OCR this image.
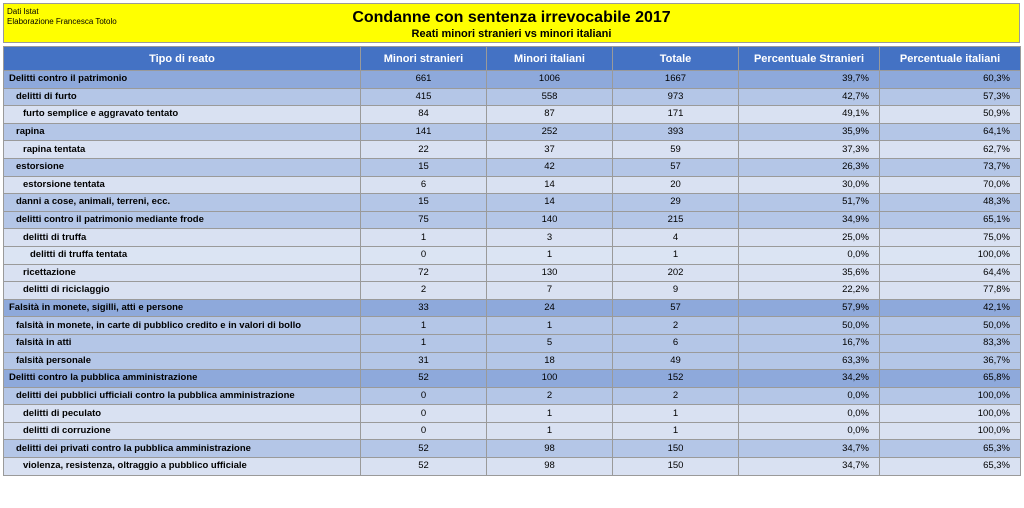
Dati Istat
Elaborazione Francesca Totolo	Condanne con sentenza irrevocabile 2017
Reati minori stranieri vs minori italiani
Tipo di reato	Minori stranieri	Minori italiani	Totale	Percentuale Stranieri	Percentuale italiani
Delitti contro il patrimonio	661	1006	1667	39,7%	60,3%
delitti di furto	415	558	973	42,7%	57,3%
furto semplice e aggravato tentato	84	87	171	49,1%	50,9%
rapina	141	252	393	35,9%	64,1%
rapina tentata	22	37	59	37,3%	62,7%
estorsione	15	42	57	26,3%	73,7%
estorsione tentata	6	14	20	30,0%	70,0%
danni a cose, animali, terreni, ecc.	15	14	29	51,7%	48,3%
delitti contro il patrimonio mediante frode	75	140	215	34,9%	65,1%
delitti di truffa	1	3	4	25,0%	75,0%
delitti di truffa tentata	0	1	1	0,0%	100,0%
ricettazione	72	130	202	35,6%	64,4%
delitti di riciclaggio	2	7	9	22,2%	77,8%
Falsità in monete, sigilli, atti e persone	33	24	57	57,9%	42,1%
falsità in monete, in carte di pubblico credito e in valori di bollo	1	1	2	50,0%	50,0%
falsità in atti	1	5	6	16,7%	83,3%
falsità personale	31	18	49	63,3%	36,7%
Delitti contro la pubblica amministrazione	52	100	152	34,2%	65,8%
delitti dei pubblici ufficiali contro la pubblica amministrazione	0	2	2	0,0%	100,0%
delitti di peculato	0	1	1	0,0%	100,0%
delitti di corruzione	0	1	1	0,0%	100,0%
delitti dei privati contro la pubblica amministrazione	52	98	150	34,7%	65,3%
violenza, resistenza, oltraggio a pubblico ufficiale	52	98	150	34,7%	65,3%
